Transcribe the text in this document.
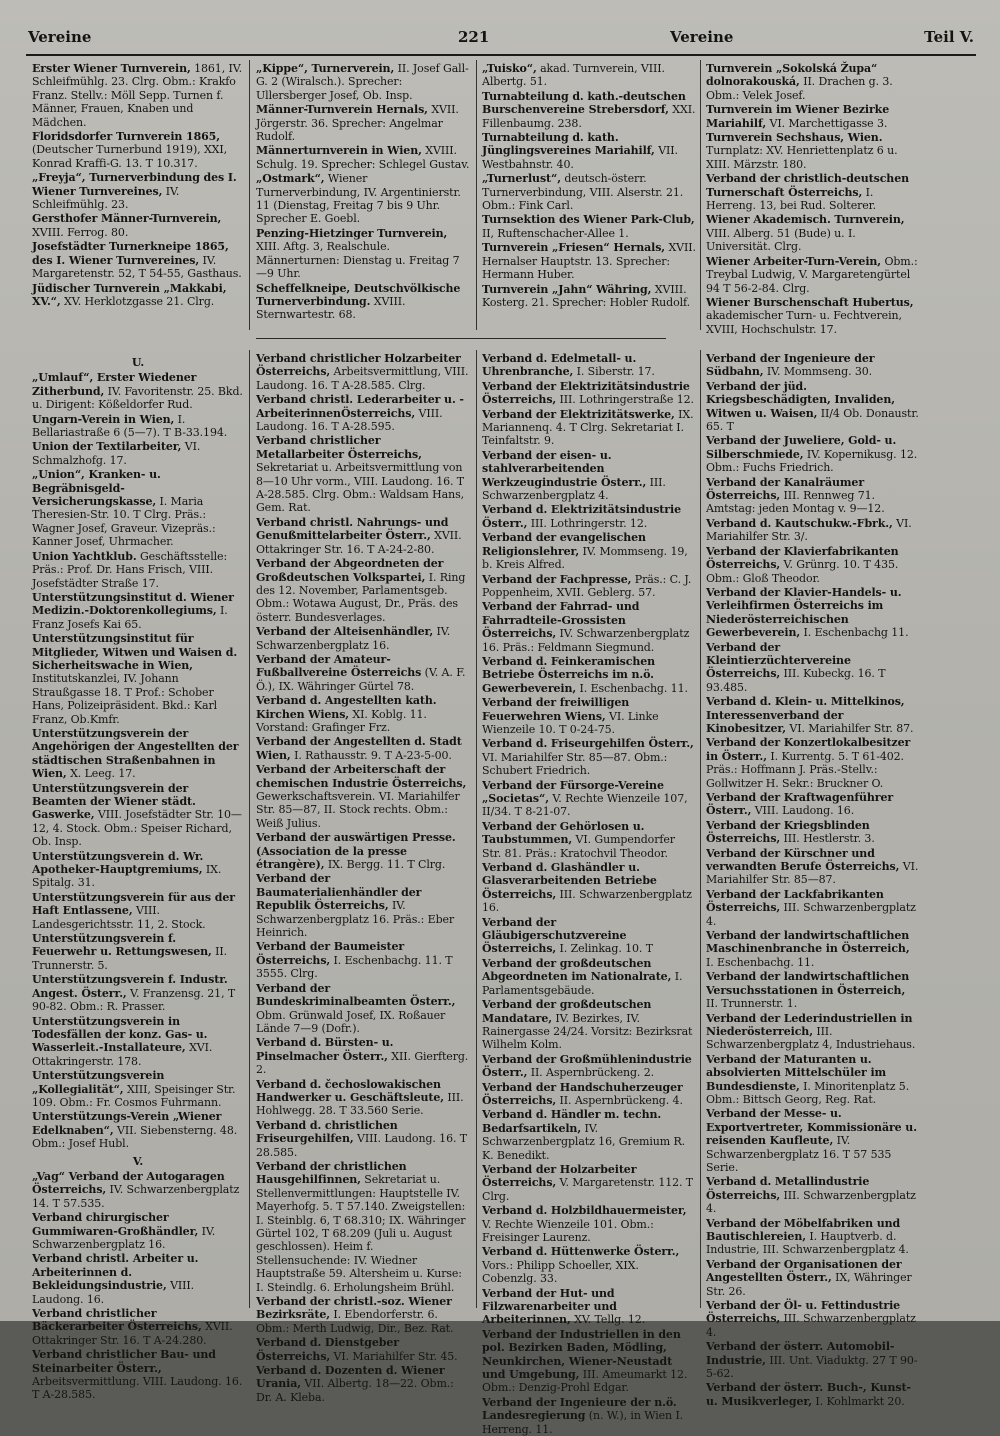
Vereine	221	Vereine	Teil V.
Erster Wiener Turnverein, 1861, IV. Schleifmühlg. 23. Clrg. Obm.: Krakfo Franz. Stellv.: Möll Sepp. Turnen f. Männer, Frauen, Knaben und Mädchen.
Floridsdorfer Turnverein 1865, (Deutscher Turnerbund 1919), XXI, Konrad Kraffi-G. 13. T 10.317.
„Freyja“, Turnerverbindung des I. Wiener Turnvereines, IV. Schleifmühlg. 23.
Gersthofer Männer-Turnverein, XVIII. Ferrog. 80.
Josefstädter Turnerkneipe 1865, des I. Wiener Turnvereines, IV. Margaretenstr. 52, T 54-55, Gasthaus.
Jüdischer Turnverein „Makkabi, XV.“, XV. Herklotzgasse 21. Clrg.
„Kippe“, Turnerverein, II. Josef Gall-G. 2 (Wiralsch.). Sprecher: Ullersberger Josef, Ob. Insp.
Männer-Turnverein Hernals, XVII. Jörgerstr. 36. Sprecher: Angelmar Rudolf.
Männerturnverein in Wien, XVIII. Schulg. 19. Sprecher: Schlegel Gustav.
„Ostmark“, Wiener Turnerverbindung, IV. Argentinierstr. 11 (Dienstag, Freitag 7 bis 9 Uhr. Sprecher E. Goebl.
Penzing-Hietzinger Turnverein, XIII. Aftg. 3, Realschule. Männerturnen: Dienstag u. Freitag 7—9 Uhr.
Scheffelkneipe, Deutschvölkische Turnerverbindung. XVIII. Sternwartestr. 68.
„Tuisko“, akad. Turnverein, VIII. Albertg. 51.
Turnabteilung d. kath.-deutschen Burschenvereine Strebersdorf, XXI. Fillenbaumg. 238.
Turnabteilung d. kath. Jünglingsvereines Mariahilf, VII. Westbahnstr. 40.
„Turnerlust“, deutsch-österr. Turnerverbindung, VIII. Alserstr. 21. Obm.: Fink Carl.
Turnsektion des Wiener Park-Club, II, Ruftenschacher-Allee 1.
Turnverein „Friesen“ Hernals, XVII. Hernalser Hauptstr. 13. Sprecher: Hermann Huber.
Turnverein „Jahn“ Währing, XVIII. Kosterg. 21. Sprecher: Hobler Rudolf.
Turnverein „Sokolská Župa“ dolnorakouská, II. Drachen g. 3. Obm.: Velek Josef.
Turnverein im Wiener Bezirke Mariahilf, VI. Marchettigasse 3.
Turnverein Sechshaus, Wien. Turnplatz: XV. Henriettenplatz 6 u. XIII. Märzstr. 180.
Verband der christlich-deutschen Turnerschaft Österreichs, I. Herreng. 13, bei Rud. Solterer.
Wiener Akademisch. Turnverein, VIII. Alberg. 51 (Bude) u. I. Universität. Clrg.
Wiener Arbeiter-Turn-Verein, Obm.: Treybal Ludwig, V. Margaretengürtel 94 T 56-2-84. Clrg.
Wiener Burschenschaft Hubertus, akademischer Turn- u. Fechtverein, XVIII, Hochschulstr. 17.
U.
„Umlauf“, Erster Wiedener Zitherbund, IV. Favoritenstr. 25. Bkd. u. Dirigent: Kößeldorfer Rud.
Ungarn-Verein in Wien, I. Bellariastraße 6 (5—7). T B-33.194.
Union der Textilarbeiter, VI. Schmalzhofg. 17.
„Union“, Kranken- u. Begräbnisgeld-Versicherungskasse, I. Maria Theresien-Str. 10. T Clrg. Präs.: Wagner Josef, Graveur. Vizepräs.: Kanner Josef, Uhrmacher.
Union Yachtklub. Geschäftsstelle: Präs.: Prof. Dr. Hans Frisch, VIII. Josefstädter Straße 17.
Unterstützungsinstitut d. Wiener Medizin.-Doktorenkollegiums, I. Franz Josefs Kai 65.
Unterstützungsinstitut für Mitglieder, Witwen und Waisen d. Sicherheitswache in Wien, Institutskanzlei, IV. Johann Straußgasse 18. T Prof.: Schober Hans, Polizeipräsident. Bkd.: Karl Franz, Ob.Kmfr.
Unterstützungsverein der Angehörigen der Angestellten der städtischen Straßenbahnen in Wien, X. Leeg. 17.
Unterstützungsverein der Beamten der Wiener städt. Gaswerke, VIII. Josefstädter Str. 10—12, 4. Stock. Obm.: Speiser Richard, Ob. Insp.
Unterstützungsverein d. Wr. Apotheker-Hauptgremiums, IX. Spitalg. 31.
Unterstützungsverein für aus der Haft Entlassene, VIII. Landesgerichtsstr. 11, 2. Stock.
Unterstützungsverein f. Feuerwehr u. Rettungswesen, II. Trunnerstr. 5.
Unterstützungsverein f. Industr. Angest. Österr., V. Franzensg. 21, T 90-82. Obm.: R. Prasser.
Unterstützungsverein in Todesfällen der konz. Gas- u. Wasserleit.-Installateure, XVI. Ottakringerstr. 178.
Unterstützungsverein „Kollegialität“, XIII, Speisinger Str. 109. Obm.: Fr. Cosmos Fuhrmann.
Unterstützungs-Verein „Wiener Edelknaben“, VII. Siebensterng. 48. Obm.: Josef Hubl.
V.
„Vag“ Verband der Autogaragen Österreichs, IV. Schwarzenbergplatz 14. T 57.535.
Verband chirurgischer Gummiwaren-Großhändler, IV. Schwarzenbergplatz 16.
Verband christl. Arbeiter u. Arbeiterinnen d. Bekleidungsindustrie, VIII. Laudong. 16.
Verband christlicher Bäckerarbeiter Österreichs, XVII. Ottakringer Str. 16. T A-24.280.
Verband christlicher Bau- und Steinarbeiter Österr., Arbeitsvermittlung. VIII. Laudong. 16. T A-28.585.
Verband christlicher Holzarbeiter Österreichs, Arbeitsvermittlung, VIII. Laudong. 16. T A-28.585. Clrg.
Verband christl. Lederarbeiter u. -ArbeiterinnenÖsterreichs, VIII. Laudong. 16. T A-28.595.
Verband christlicher Metallarbeiter Österreichs, Sekretariat u. Arbeitsvermittlung von 8—10 Uhr vorm., VIII. Laudong. 16. T A-28.585. Clrg. Obm.: Waldsam Hans, Gem. Rat.
Verband christl. Nahrungs- und Genußmittelarbeiter Österr., XVII. Ottakringer Str. 16. T A-24-2-80.
Verband der Abgeordneten der Großdeutschen Volkspartei, I. Ring des 12. November, Parlamentsgeb. Obm.: Wotawa August, Dr., Präs. des österr. Bundesverlages.
Verband der Alteisenhändler, IV. Schwarzenbergplatz 16.
Verband der Amateur-Fußballvereine Österreichs (V. A. F. Ö.), IX. Währinger Gürtel 78.
Verband d. Angestellten kath. Kirchen Wiens, XI. Koblg. 11. Vorstand: Grafinger Frz.
Verband der Angestellten d. Stadt Wien, I. Rathausstr. 9. T A-23-5-00.
Verband der Arbeiterschaft der chemischen Industrie Österreichs, Gewerkschaftsverein. VI. Mariahilfer Str. 85—87, II. Stock rechts. Obm.: Weiß Julius.
Verband der auswärtigen Presse. (Association de la presse étrangère), IX. Bergg. 11. T Clrg.
Verband der Baumaterialienhändler der Republik Österreichs, IV. Schwarzenbergplatz 16. Präs.: Eber Heinrich.
Verband der Baumeister Österreichs, I. Eschenbachg. 11. T 3555. Clrg.
Verband der Bundeskriminalbeamten Österr., Obm. Grünwald Josef, IX. Roßauer Lände 7—9 (Dofr.).
Verband d. Bürsten- u. Pinselmacher Österr., XII. Gierfterg. 2.
Verband d. čechoslowakischen Handwerker u. Geschäftsleute, III. Hohlwegg. 28. T 33.560 Serie.
Verband d. christlichen Friseurgehilfen, VIII. Laudong. 16. T 28.585.
Verband der christlichen Hausgehilfinnen, Sekretariat u. Stellenvermittlungen: Hauptstelle IV. Mayerhofg. 5. T 57.140. Zweigstellen: I. Steinblg. 6, T 68.310; IX. Währinger Gürtel 102, T 68.209 (Juli u. August geschlossen). Heim f. Stellensuchende: IV. Wiedner Hauptstraße 59. Altersheim u. Kurse: I. Steindlg. 6. Erholungsheim Brühl.
Verband der christl.-soz. Wiener Bezirksräte, I. Ebendorferstr. 6. Obm.: Merth Ludwig, Dir., Bez. Rat.
Verband d. Dienstgeber Österreichs, VI. Mariahilfer Str. 45.
Verband d. Dozenten d. Wiener Urania, VII. Albertg. 18—22. Obm.: Dr. A. Kleba.
Verband d. Edelmetall- u. Uhrenbranche, I. Siberstr. 17.
Verband der Elektrizitätsindustrie Österreichs, III. Lothringerstraße 12.
Verband der Elektrizitätswerke, IX. Mariannenq. 4. T Clrg. Sekretariat I. Teinfaltstr. 9.
Verband der eisen- u. stahlverarbeitenden Werkzeugindustrie Österr., III. Schwarzenbergplatz 4.
Verband d. Elektrizitätsindustrie Österr., III. Lothringerstr. 12.
Verband der evangelischen Religionslehrer, IV. Mommseng. 19, b. Kreis Alfred.
Verband der Fachpresse, Präs.: C. J. Poppenheim, XVII. Geblerg. 57.
Verband der Fahrrad- und Fahrradteile-Grossisten Österreichs, IV. Schwarzenbergplatz 16. Präs.: Feldmann Siegmund.
Verband d. Feinkeramischen Betriebe Österreichs im n.ö. Gewerbeverein, I. Eschenbachg. 11.
Verband der freiwilligen Feuerwehren Wiens, VI. Linke Wienzeile 10. T 0-24-75.
Verband d. Friseurgehilfen Österr., VI. Mariahilfer Str. 85—87. Obm.: Schubert Friedrich.
Verband der Fürsorge-Vereine „Societas“, V. Rechte Wienzeile 107, II/34. T 8-21-07.
Verband der Gehörlosen u. Taubstummen, VI. Gumpendorfer Str. 81. Präs.: Kratochvil Theodor.
Verband d. Glashändler u. Glasverarbeitenden Betriebe Österreichs, III. Schwarzenbergplatz 16.
Verband der Gläubigerschutzvereine Österreichs, I. Zelinkag. 10. T
Verband der großdeutschen Abgeordneten im Nationalrate, I. Parlamentsgebäude.
Verband der großdeutschen Mandatare, IV. Bezirkes, IV. Rainergasse 24/24. Vorsitz: Bezirksrat Wilhelm Kolm.
Verband der Großmühlenindustrie Österr., II. Aspernbrückeng. 2.
Verband der Handschuherzeuger Österreichs, II. Aspernbrückeng. 4.
Verband d. Händler m. techn. Bedarfsartikeln, IV. Schwarzenbergplatz 16, Gremium R. K. Benedikt.
Verband der Holzarbeiter Österreichs, V. Margaretenstr. 112. T Clrg.
Verband d. Holzbildhauermeister, V. Rechte Wienzeile 101. Obm.: Freisinger Laurenz.
Verband d. Hüttenwerke Österr., Vors.: Philipp Schoeller, XIX. Cobenzlg. 33.
Verband der Hut- und Filzwarenarbeiter und Arbeiterinnen, XV. Tellg. 12.
Verband der Industriellen in den pol. Bezirken Baden, Mödling, Neunkirchen, Wiener-Neustadt und Umgebung, III. Ameumarkt 12. Obm.: Denzig-Prohl Edgar.
Verband der Ingenieure der n.ö. Landesregierung (n. W.), in Wien I. Herreng. 11.
Verband der Ingenieure der Südbahn, IV. Mommseng. 30.
Verband der jüd. Kriegsbeschädigten, Invaliden, Witwen u. Waisen, II/4 Ob. Donaustr. 65. T
Verband der Juweliere, Gold- u. Silberschmiede, IV. Kopernikusg. 12. Obm.: Fuchs Friedrich.
Verband der Kanalräumer Österreichs, III. Rennweg 71. Amtstag: jeden Montag v. 9—12.
Verband d. Kautschukw.-Fbrk., VI. Mariahilfer Str. 3/.
Verband der Klavierfabrikanten Österreichs, V. Grünrg. 10. T 435. Obm.: Gloß Theodor.
Verband der Klavier-Handels- u. Verleihfirmen Österreichs im Niederösterreichischen Gewerbeverein, I. Eschenbachg 11.
Verband der Kleintierzüchtervereine Österreichs, III. Kubeckg. 16. T 93.485.
Verband d. Klein- u. Mittelkinos, Interessenverband der Kinobesitzer, VI. Mariahilfer Str. 87.
Verband der Konzertlokalbesitzer in Österr., I. Kurrentg. 5. T 61-402. Präs.: Hoffmann J. Präs.-Stellv.: Gollwitzer H. Sekr.: Bruckner O.
Verband der Kraftwagenführer Österr., VIII. Laudong. 16.
Verband der Kriegsblinden Österreichs, III. Hestlerstr. 3.
Verband der Kürschner und verwandten Berufe Österreichs, VI. Mariahilfer Str. 85—87.
Verband der Lackfabrikanten Österreichs, III. Schwarzenbergplatz 4.
Verband der landwirtschaftlichen Maschinenbranche in Österreich, I. Eschenbachg. 11.
Verband der landwirtschaftlichen Versuchsstationen in Österreich, II. Trunnerstr. 1.
Verband der Lederindustriellen in Niederösterreich, III. Schwarzenbergplatz 4, Industriehaus.
Verband der Maturanten u. absolvierten Mittelschüler im Bundesdienste, I. Minoritenplatz 5. Obm.: Bittsch Georg, Reg. Rat.
Verband der Messe- u. Exportvertreter, Kommissionäre u. reisenden Kaufleute, IV. Schwarzenbergplatz 16. T 57 535 Serie.
Verband d. Metallindustrie Österreichs, III. Schwarzenbergplatz 4.
Verband der Möbelfabriken und Bautischlereien, I. Hauptverb. d. Industrie, III. Schwarzenbergplatz 4.
Verband der Organisationen der Angestellten Österr., IX, Währinger Str. 26.
Verband der Öl- u. Fettindustrie Österreichs, III. Schwarzenbergplatz 4.
Verband der österr. Automobil-Industrie, III. Unt. Viaduktg. 27 T 90-5-62.
Verband der österr. Buch-, Kunst- u. Musikverleger, I. Kohlmarkt 20.
